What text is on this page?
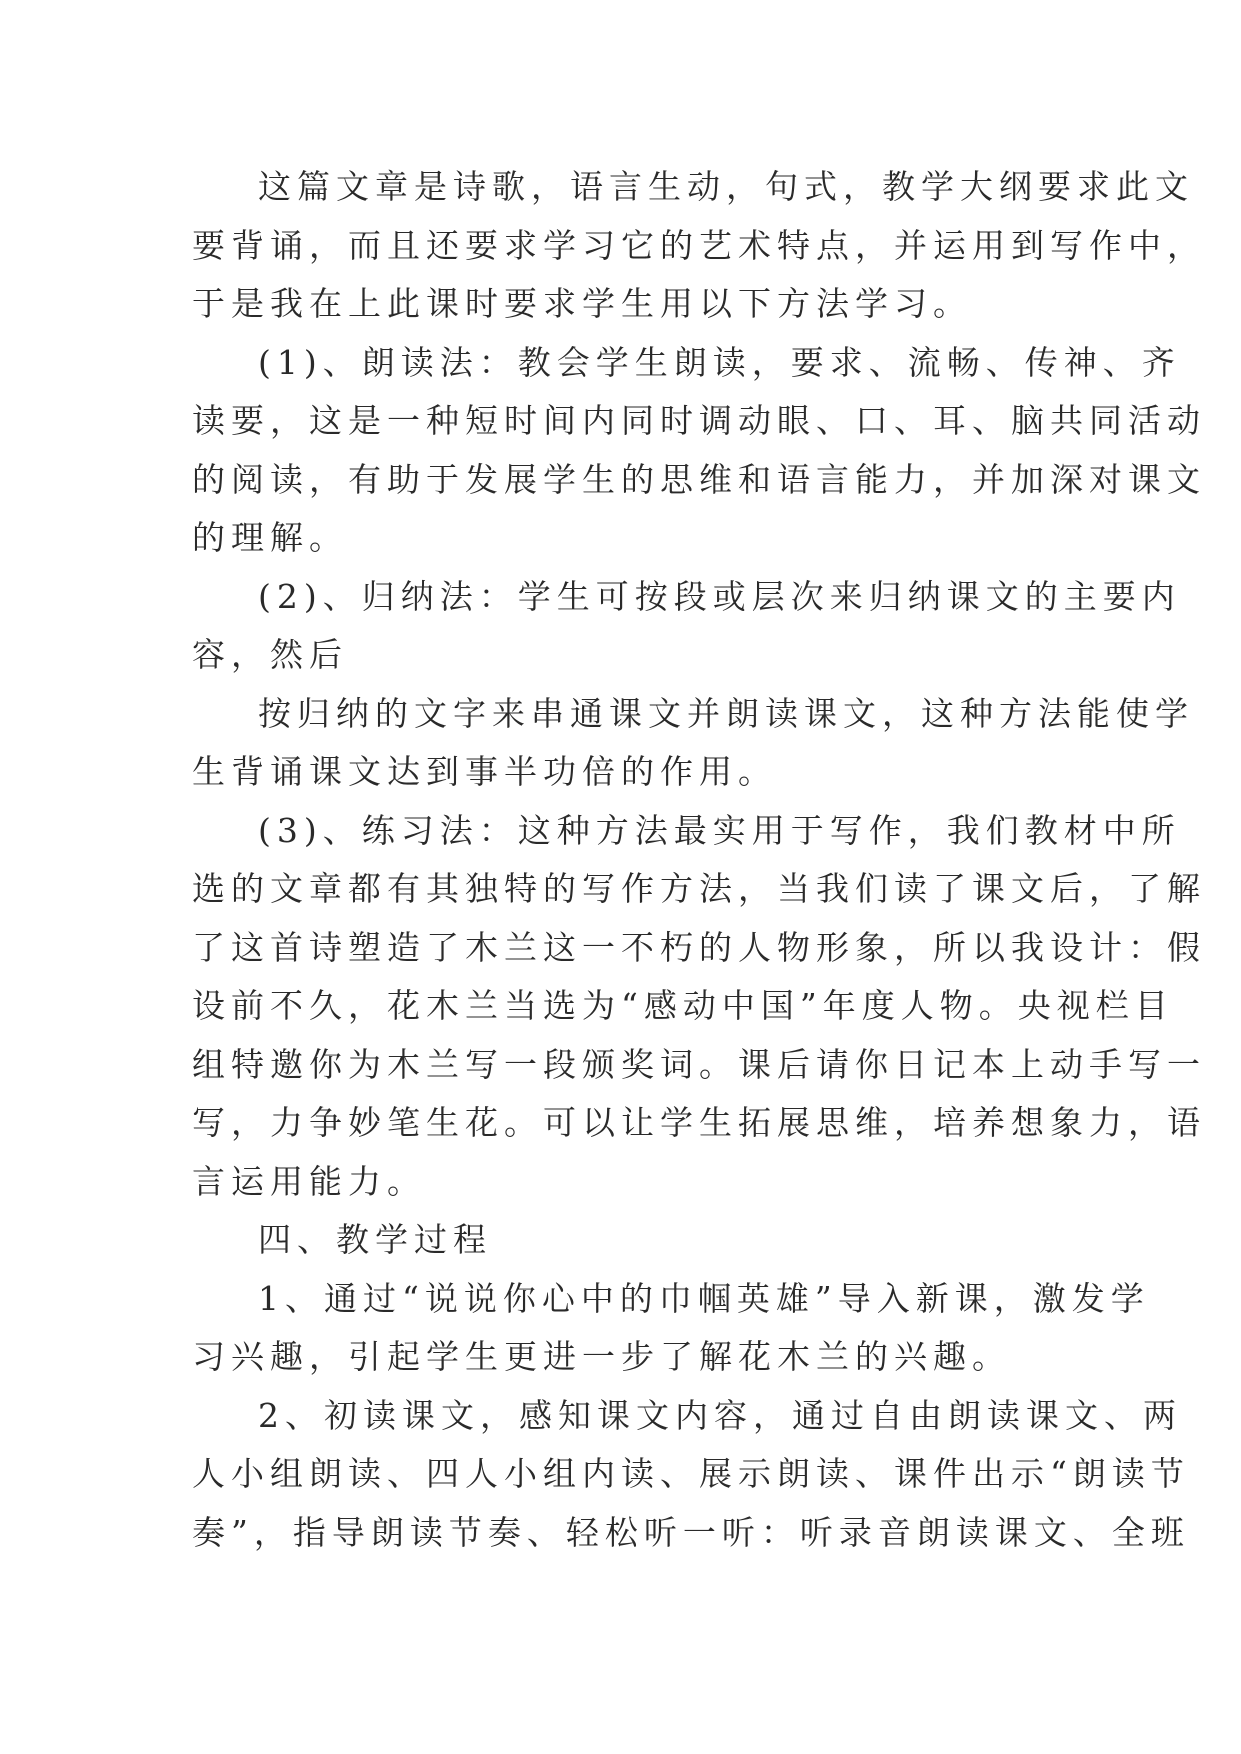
这篇文章是诗歌，语言生动，句式，教学大纲要求此文
要背诵，而且还要求学习它的艺术特点，并运用到写作中，
于是我在上此课时要求学生用以下方法学习。
(1)、朗读法：教会学生朗读，要求、流畅、传神、齐
读要，这是一种短时间内同时调动眼、口、耳、脑共同活动
的阅读，有助于发展学生的思维和语言能力，并加深对课文
的理解。
(2)、归纳法：学生可按段或层次来归纳课文的主要内
容，然后
按归纳的文字来串通课文并朗读课文，这种方法能使学
生背诵课文达到事半功倍的作用。
(3)、练习法：这种方法最实用于写作，我们教材中所
选的文章都有其独特的写作方法，当我们读了课文后，了解
了这首诗塑造了木兰这一不朽的人物形象，所以我设计：假
设前不久，花木兰当选为“感动中国”年度人物。央视栏目
组特邀你为木兰写一段颁奖词。课后请你日记本上动手写一
写，力争妙笔生花。可以让学生拓展思维，培养想象力，语
言运用能力。
四、教学过程
1、通过“说说你心中的巾帼英雄”导入新课，激发学
习兴趣，引起学生更进一步了解花木兰的兴趣。
2、初读课文，感知课文内容，通过自由朗读课文、两
人小组朗读、四人小组内读、展示朗读、课件出示“朗读节
奏”，指导朗读节奏、轻松听一听：听录音朗读课文、全班
